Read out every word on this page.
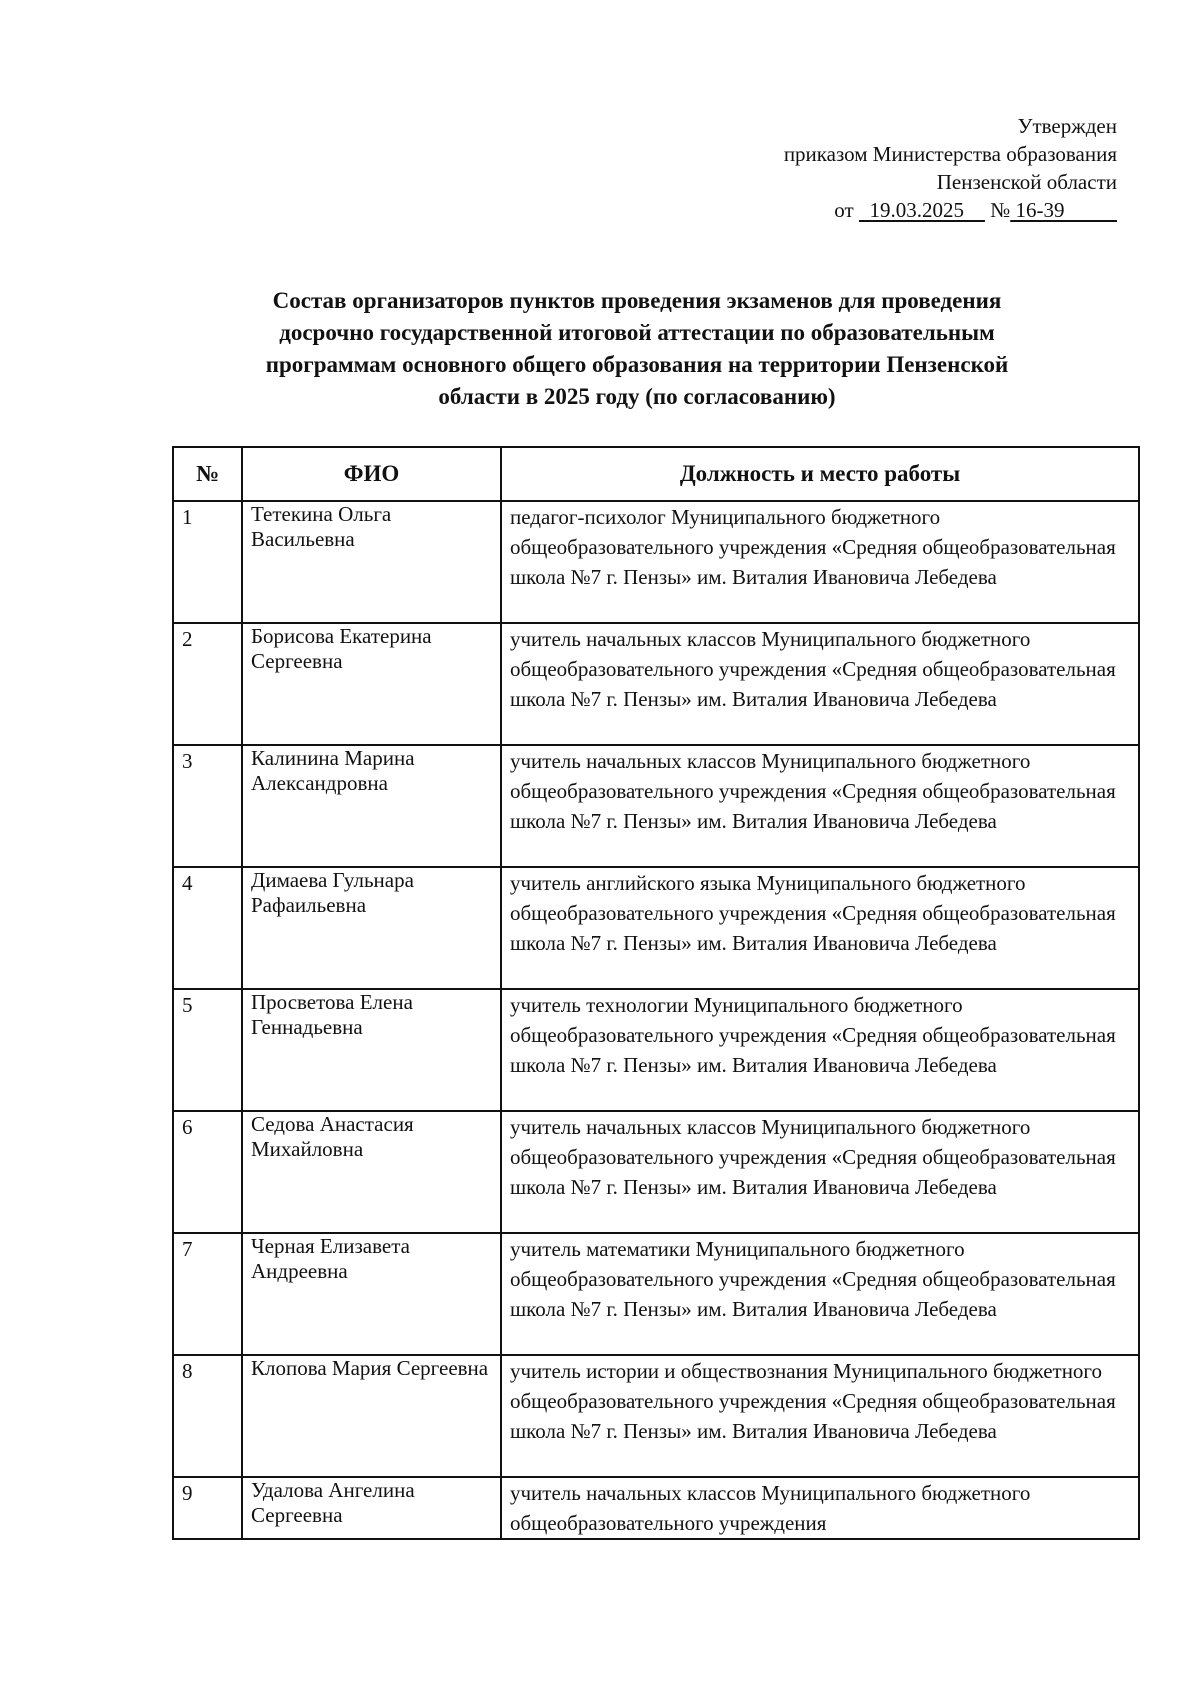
Утвержден
приказом Министерства образования
Пензенской области
от   19.03.2025     № 16-39
Состав организаторов пунктов проведения экзаменов для проведения
досрочно государственной итоговой аттестации по образовательным
программам основного общего образования на территории Пензенской
области в 2025 году (по согласованию)
№	ФИО	Должность и место работы
1	Тетекина Ольга Васильевна	педагог-психолог Муниципального бюджетного общеобразовательного учреждения «Средняя общеобразовательная школа №7 г. Пензы» им. Виталия Ивановича Лебедева
2	Борисова Екатерина Сергеевна	учитель начальных классов Муниципального бюджетного общеобразовательного учреждения «Средняя общеобразовательная школа №7 г. Пензы» им. Виталия Ивановича Лебедева
3	Калинина Марина Александровна	учитель начальных классов Муниципального бюджетного общеобразовательного учреждения «Средняя общеобразовательная школа №7 г. Пензы» им. Виталия Ивановича Лебедева
4	Димаева Гульнара Рафаильевна	учитель английского языка Муниципального бюджетного общеобразовательного учреждения «Средняя общеобразовательная школа №7 г. Пензы» им. Виталия Ивановича Лебедева
5	Просветова Елена Геннадьевна	учитель технологии Муниципального бюджетного общеобразовательного учреждения «Средняя общеобразовательная школа №7 г. Пензы» им. Виталия Ивановича Лебедева
6	Седова Анастасия Михайловна	учитель начальных классов Муниципального бюджетного общеобразовательного учреждения «Средняя общеобразовательная школа №7 г. Пензы» им. Виталия Ивановича Лебедева
7	Черная Елизавета Андреевна	учитель математики Муниципального бюджетного общеобразовательного учреждения «Средняя общеобразовательная школа №7 г. Пензы» им. Виталия Ивановича Лебедева
8	Клопова Мария Сергеевна	учитель истории и обществознания Муниципального бюджетного общеобразовательного учреждения «Средняя общеобразовательная школа №7 г. Пензы» им. Виталия Ивановича Лебедева
9	Удалова Ангелина Сергеевна	учитель начальных классов Муниципального бюджетного общеобразовательного учреждения
